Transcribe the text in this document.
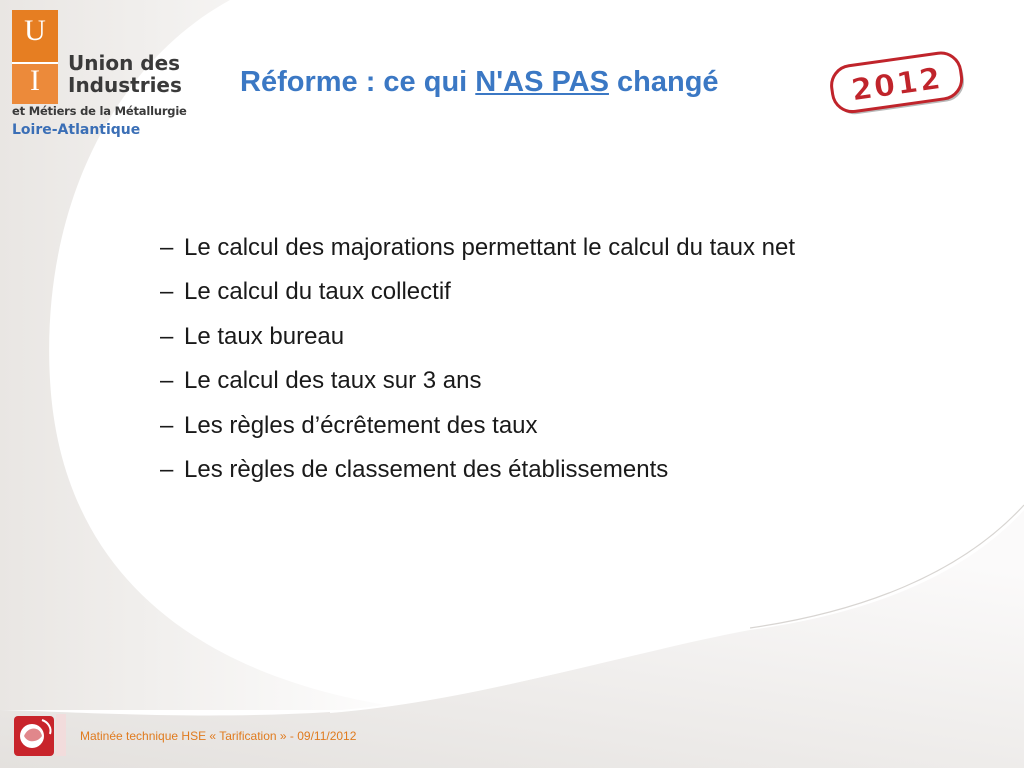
U
I
Union des
Industries
et Métiers de la Métallurgie
Loire-Atlantique
Réforme : ce qui N'AS PAS changé	2012
– Le calcul des majorations permettant le calcul du taux net
– Le calcul du taux collectif
– Le taux bureau
– Le calcul des taux sur 3 ans
– Les règles d’écrêtement des taux
– Les règles de classement des établissements
Matinée technique HSE « Tarification » - 09/11/2012
